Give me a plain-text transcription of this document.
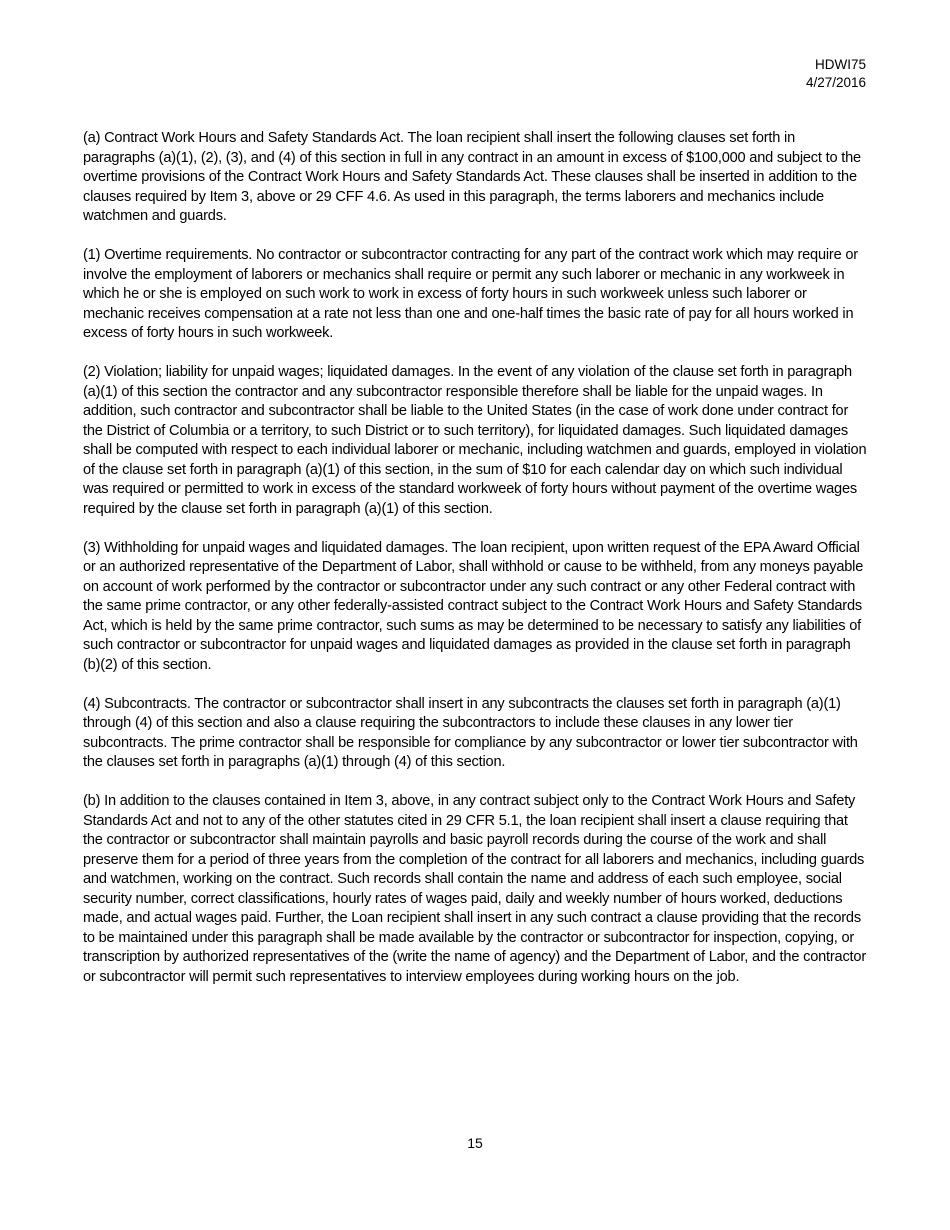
HDWI75
4/27/2016

(a) Contract Work Hours and Safety Standards Act. The loan recipient shall insert the following clauses set forth in paragraphs (a)(1), (2), (3), and (4) of this section in full in any contract in an amount in excess of $100,000 and subject to the overtime provisions of the Contract Work Hours and Safety Standards Act. These clauses shall be inserted in addition to the clauses required by Item 3, above or 29 CFF 4.6. As used in this paragraph, the terms laborers and mechanics include watchmen and guards.

(1) Overtime requirements. No contractor or subcontractor contracting for any part of the contract work which may require or involve the employment of laborers or mechanics shall require or permit any such laborer or mechanic in any workweek in which he or she is employed on such work to work in excess of forty hours in such workweek unless such laborer or mechanic receives compensation at a rate not less than one and one-half times the basic rate of pay for all hours worked in excess of forty hours in such workweek.

(2) Violation; liability for unpaid wages; liquidated damages. In the event of any violation of the clause set forth in paragraph (a)(1) of this section the contractor and any subcontractor responsible therefore shall be liable for the unpaid wages. In addition, such contractor and subcontractor shall be liable to the United States (in the case of work done under contract for the District of Columbia or a territory, to such District or to such territory), for liquidated damages. Such liquidated damages shall be computed with respect to each individual laborer or mechanic, including watchmen and guards, employed in violation of the clause set forth in paragraph (a)(1) of this section, in the sum of $10 for each calendar day on which such individual was required or permitted to work in excess of the standard workweek of forty hours without payment of the overtime wages required by the clause set forth in paragraph (a)(1) of this section.

(3) Withholding for unpaid wages and liquidated damages. The loan recipient, upon written request of the EPA Award Official or an authorized representative of the Department of Labor, shall withhold or cause to be withheld, from any moneys payable on account of work performed by the contractor or subcontractor under any such contract or any other Federal contract with the same prime contractor, or any other federally-assisted contract subject to the Contract Work Hours and Safety Standards Act, which is held by the same prime contractor, such sums as may be determined to be necessary to satisfy any liabilities of such contractor or subcontractor for unpaid wages and liquidated damages as provided in the clause set forth in paragraph (b)(2) of this section.

(4) Subcontracts. The contractor or subcontractor shall insert in any subcontracts the clauses set forth in paragraph (a)(1) through (4) of this section and also a clause requiring the subcontractors to include these clauses in any lower tier subcontracts. The prime contractor shall be responsible for compliance by any subcontractor or lower tier subcontractor with the clauses set forth in paragraphs (a)(1) through (4) of this section.

(b) In addition to the clauses contained in Item 3, above, in any contract subject only to the Contract Work Hours and Safety Standards Act and not to any of the other statutes cited in 29 CFR 5.1, the loan recipient shall insert a clause requiring that the contractor or subcontractor shall maintain payrolls and basic payroll records during the course of the work and shall preserve them for a period of three years from the completion of the contract for all laborers and mechanics, including guards and watchmen, working on the contract. Such records shall contain the name and address of each such employee, social security number, correct classifications, hourly rates of wages paid, daily and weekly number of hours worked, deductions made, and actual wages paid. Further, the Loan recipient shall insert in any such contract a clause providing that the records to be maintained under this paragraph shall be made available by the contractor or subcontractor for inspection, copying, or transcription by authorized representatives of the (write the name of agency) and the Department of Labor, and the contractor or subcontractor will permit such representatives to interview employees during working hours on the job.

15
